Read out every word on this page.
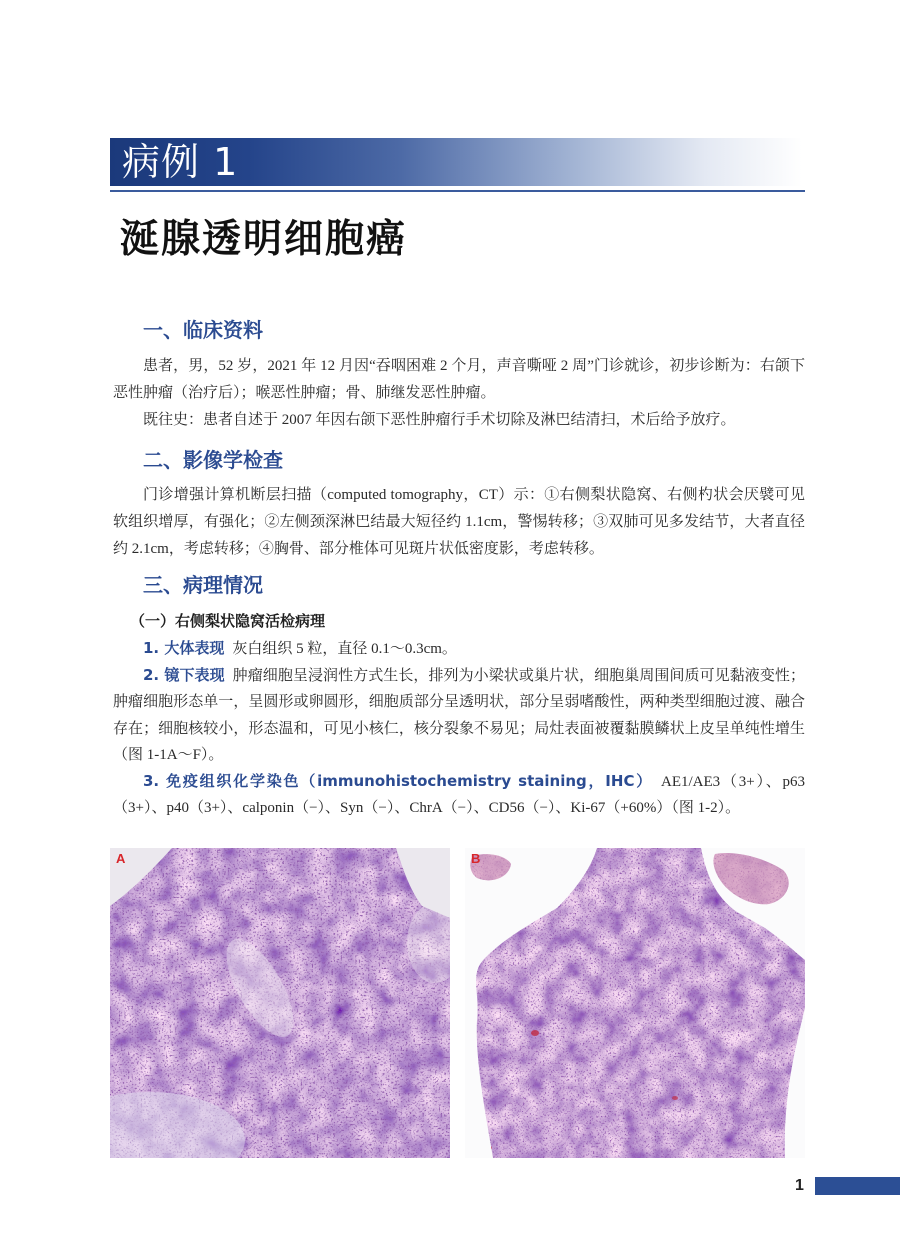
病例 1
涎腺透明细胞癌
一、临床资料

患者，男，52 岁，2021 年 12 月因“吞咽困难 2 个月，声音嘶哑 2 周”门诊就诊，初步诊断为：右颌下恶性肿瘤（治疗后）；喉恶性肿瘤；骨、肺继发恶性肿瘤。

既往史：患者自述于 2007 年因右颌下恶性肿瘤行手术切除及淋巴结清扫，术后给予放疗。

二、影像学检查

门诊增强计算机断层扫描（computed tomography，CT）示：①右侧梨状隐窝、右侧杓状会厌襞可见软组织增厚，有强化；②左侧颈深淋巴结最大短径约 1.1cm，警惕转移；③双肺可见多发结节，大者直径约 2.1cm，考虑转移；④胸骨、部分椎体可见斑片状低密度影，考虑转移。

三、病理情况
（一）右侧梨状隐窝活检病理

1. 大体表现 灰白组织 5 粒，直径 0.1～0.3cm。

2. 镜下表现 肿瘤细胞呈浸润性方式生长，排列为小梁状或巢片状，细胞巢周围间质可见黏液变性；肿瘤细胞形态单一，呈圆形或卵圆形，细胞质部分呈透明状，部分呈弱嗜酸性，两种类型细胞过渡、融合存在；细胞核较小，形态温和，可见小核仁，核分裂象不易见；局灶表面被覆黏膜鳞状上皮呈单纯性增生（图 1-1A～F）。

3. 免疫组织化学染色（immunohistochemistry staining，IHC） AE1/AE3（3+）、p63（3+）、p40（3+）、calponin（−）、Syn（−）、ChrA（−）、CD56（−）、Ki-67（+60%）（图 1-2）。

A	B
1
